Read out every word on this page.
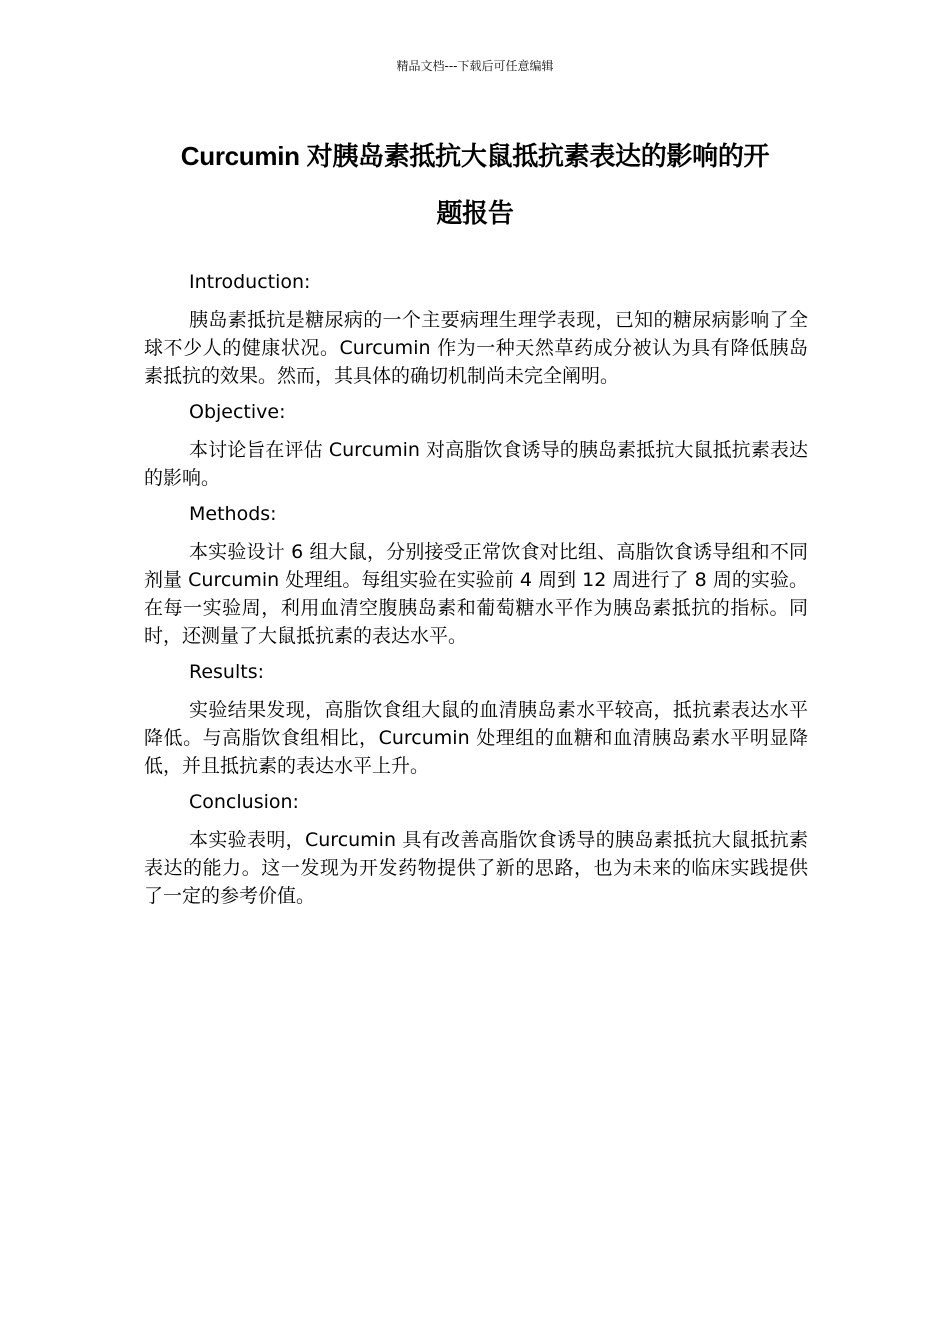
精品文档---下载后可任意编辑
Curcumin 对胰岛素抵抗大鼠抵抗素表达的影响的开
题报告
Introduction:

胰岛素抵抗是糖尿病的一个主要病理生理学表现，已知的糖尿病影响了全球不少人的健康状况。Curcumin 作为一种天然草药成分被认为具有降低胰岛素抵抗的效果。然而，其具体的确切机制尚未完全阐明。

Objective:

本讨论旨在评估 Curcumin 对高脂饮食诱导的胰岛素抵抗大鼠抵抗素表达的影响。

Methods:

本实验设计 6 组大鼠，分别接受正常饮食对比组、高脂饮食诱导组和不同剂量 Curcumin 处理组。每组实验在实验前 4 周到 12 周进行了 8 周的实验。在每一实验周，利用血清空腹胰岛素和葡萄糖水平作为胰岛素抵抗的指标。同时，还测量了大鼠抵抗素的表达水平。

Results:

实验结果发现，高脂饮食组大鼠的血清胰岛素水平较高，抵抗素表达水平降低。与高脂饮食组相比，Curcumin 处理组的血糖和血清胰岛素水平明显降低，并且抵抗素的表达水平上升。

Conclusion:

本实验表明，Curcumin 具有改善高脂饮食诱导的胰岛素抵抗大鼠抵抗素表达的能力。这一发现为开发药物提供了新的思路，也为未来的临床实践提供了一定的参考价值。
